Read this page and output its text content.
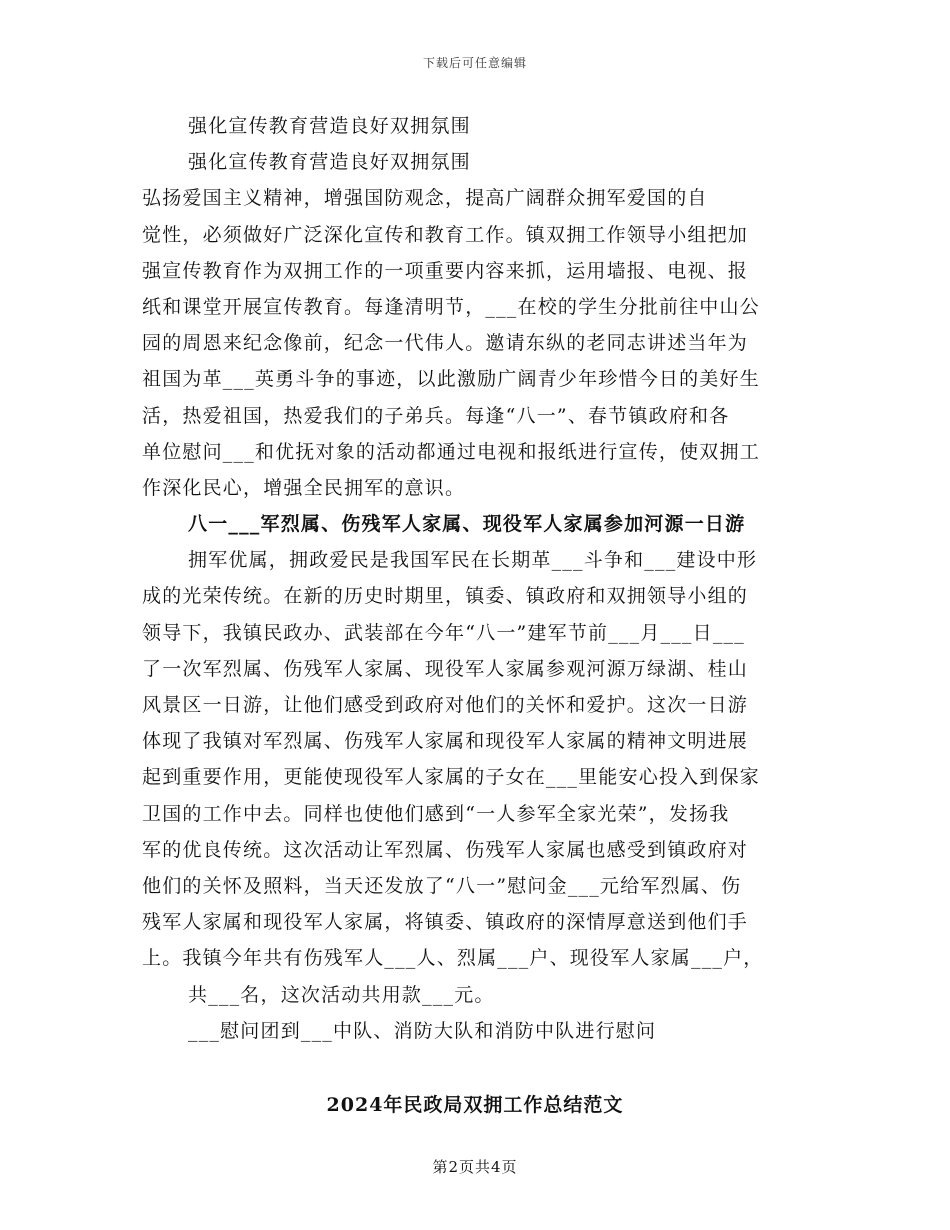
下载后可任意编辑
强化宣传教育营造良好双拥氛围
强化宣传教育营造良好双拥氛围
弘扬爱国主义精神，增强国防观念，提高广阔群众拥军爱国的自
觉性，必须做好广泛深化宣传和教育工作。镇双拥工作领导小组把加
强宣传教育作为双拥工作的一项重要内容来抓，运用墙报、电视、报
纸和课堂开展宣传教育。每逢清明节，___在校的学生分批前往中山公
园的周恩来纪念像前，纪念一代伟人。邀请东纵的老同志讲述当年为
祖国为革___英勇斗争的事迹，以此激励广阔青少年珍惜今日的美好生
活，热爱祖国，热爱我们的子弟兵。每逢“八一”、春节镇政府和各
单位慰问___和优抚对象的活动都通过电视和报纸进行宣传，使双拥工
作深化民心，增强全民拥军的意识。
八一___军烈属、伤残军人家属、现役军人家属参加河源一日游
拥军优属，拥政爱民是我国军民在长期革___斗争和___建设中形
成的光荣传统。在新的历史时期里，镇委、镇政府和双拥领导小组的
领导下，我镇民政办、武装部在今年“八一”建军节前___月___日___
了一次军烈属、伤残军人家属、现役军人家属参观河源万绿湖、桂山
风景区一日游，让他们感受到政府对他们的关怀和爱护。这次一日游
体现了我镇对军烈属、伤残军人家属和现役军人家属的精神文明进展
起到重要作用，更能使现役军人家属的子女在___里能安心投入到保家
卫国的工作中去。同样也使他们感到“一人参军全家光荣”，发扬我
军的优良传统。这次活动让军烈属、伤残军人家属也感受到镇政府对
他们的关怀及照料，当天还发放了“八一”慰问金___元给军烈属、伤
残军人家属和现役军人家属，将镇委、镇政府的深情厚意送到他们手
上。我镇今年共有伤残军人___人、烈属___户、现役军人家属___户，
共___名，这次活动共用款___元。
___慰问团到___中队、消防大队和消防中队进行慰问
2024年民政局双拥工作总结范文
第2页共4页
